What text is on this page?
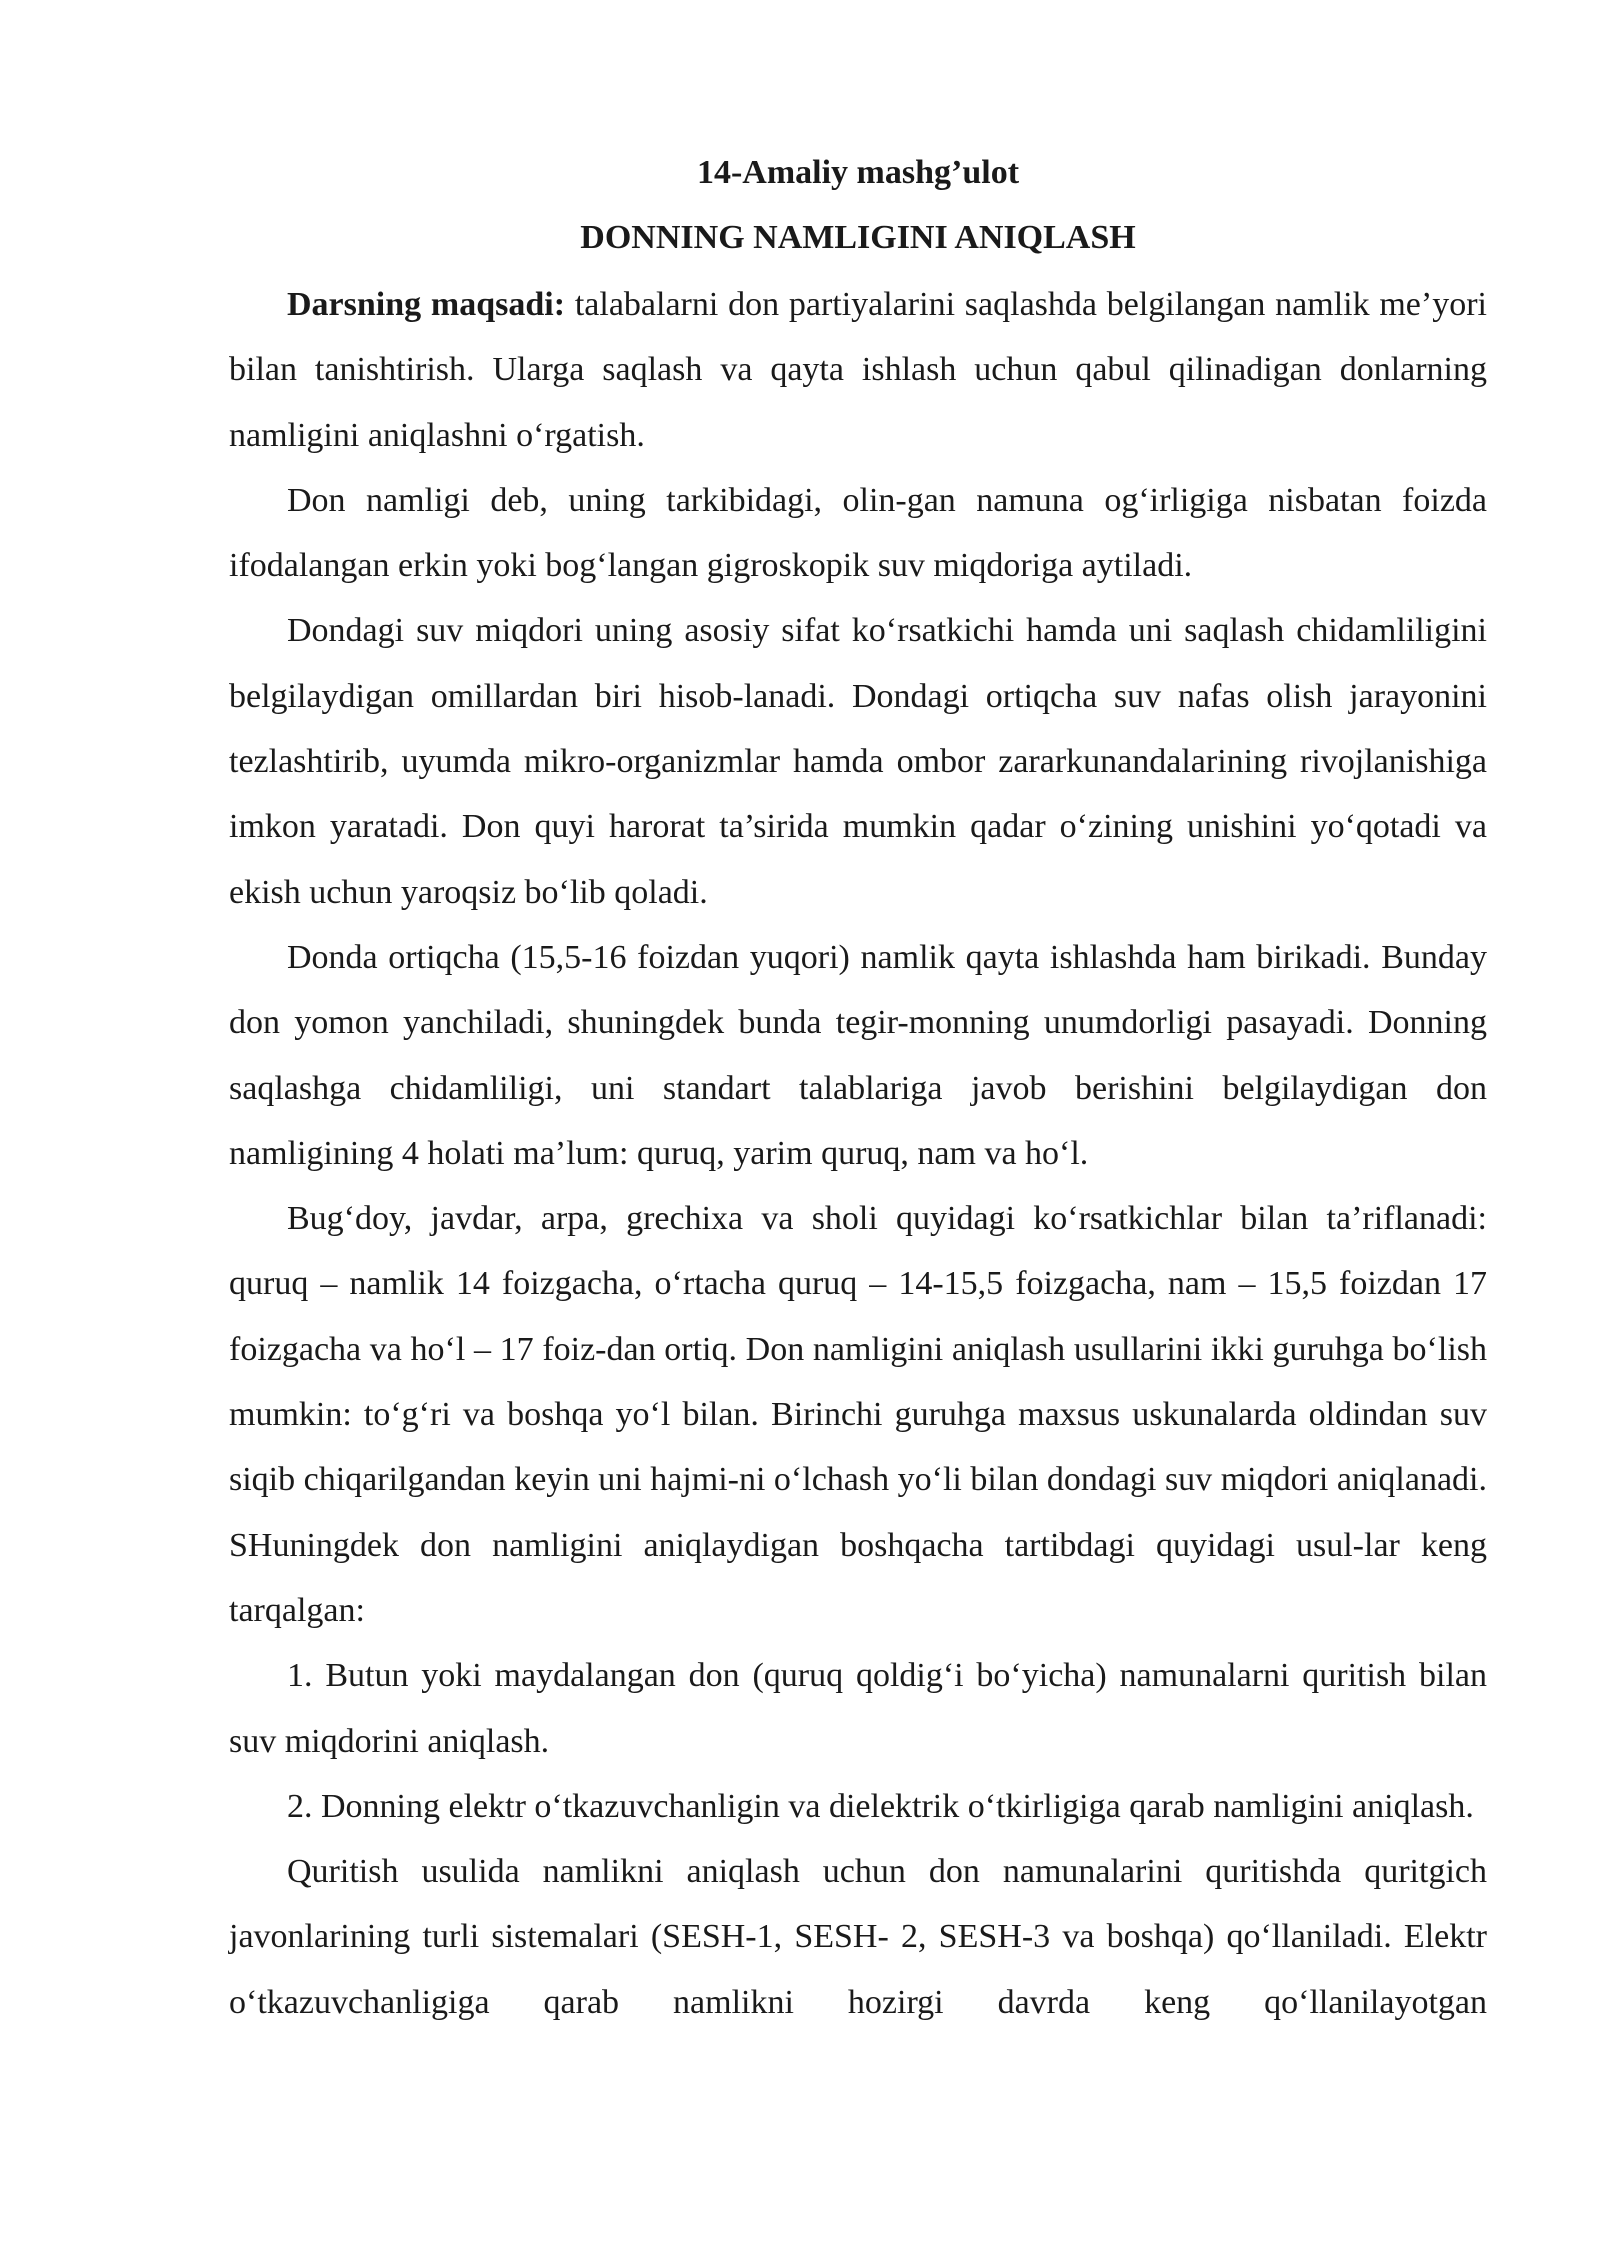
14-Amaliy mashg’ulot

DONNING NAMLIGINI ANIQLASH

Darsning maqsadi: talabalarni don partiyalarini saqlashda belgilangan namlik me’yori bilan tanishtirish. Ularga saqlash va qayta ishlash uchun qabul qilinadigan donlarning namligini aniqlashni o‘rgatish.

Don namligi deb, uning tarkibidagi, olin-gan namuna og‘irligiga nisbatan foizda ifodalangan erkin yoki bog‘langan gigroskopik suv miqdoriga aytiladi.

Dondagi suv miqdori uning asosiy sifat ko‘rsatkichi hamda uni saqlash chidamliligini belgilaydigan omillardan biri hisob-lanadi. Dondagi ortiqcha suv nafas olish jarayonini tezlashtirib, uyumda mikro-organizmlar hamda ombor zararkunandalarining rivojlanishiga imkon yaratadi. Don quyi harorat ta’sirida mumkin qadar o‘zining unishini yo‘qotadi va ekish uchun yaroqsiz bo‘lib qoladi.

Donda ortiqcha (15,5-16 foizdan yuqori) namlik qayta ishlashda ham birikadi. Bunday don yomon yanchiladi, shuningdek bunda tegir-monning unumdorligi pasayadi. Donning saqlashga chidamliligi, uni standart talablariga javob berishini belgilaydigan don namligining 4 holati ma’lum: quruq, yarim quruq, nam va ho‘l.

Bug‘doy, javdar, arpa, grechixa va sholi quyidagi ko‘rsatkichlar bilan ta’riflanadi: quruq – namlik 14 foizgacha, o‘rtacha quruq – 14-15,5 foizgacha, nam – 15,5 foizdan 17 foizgacha va ho‘l – 17 foiz-dan ortiq. Don namligini aniqlash usullarini ikki guruhga bo‘lish mumkin: to‘g‘ri va boshqa yo‘l bilan. Birinchi guruhga maxsus uskunalarda oldindan suv siqib chiqarilgandan keyin uni hajmi-ni o‘lchash yo‘li bilan dondagi suv miqdori aniqlanadi. SHuningdek don namligini aniqlaydigan boshqacha tartibdagi quyidagi usul-lar keng tarqalgan:

1. Butun yoki maydalangan don (quruq qoldig‘i bo‘yicha) namunalarni quritish bilan suv miqdorini aniqlash.

2. Donning elektr o‘tkazuvchanligin va dielektrik o‘tkirligiga qarab namligini aniqlash.

Quritish usulida namlikni aniqlash uchun don namunalarini quritishda quritgich javonlarining turli sistemalari (SESH-1, SESH- 2, SESH-3 va boshqa) qo‘llaniladi. Elektr o‘tkazuvchanligiga qarab namlikni hozirgi davrda keng qo‘llanilayotgan
